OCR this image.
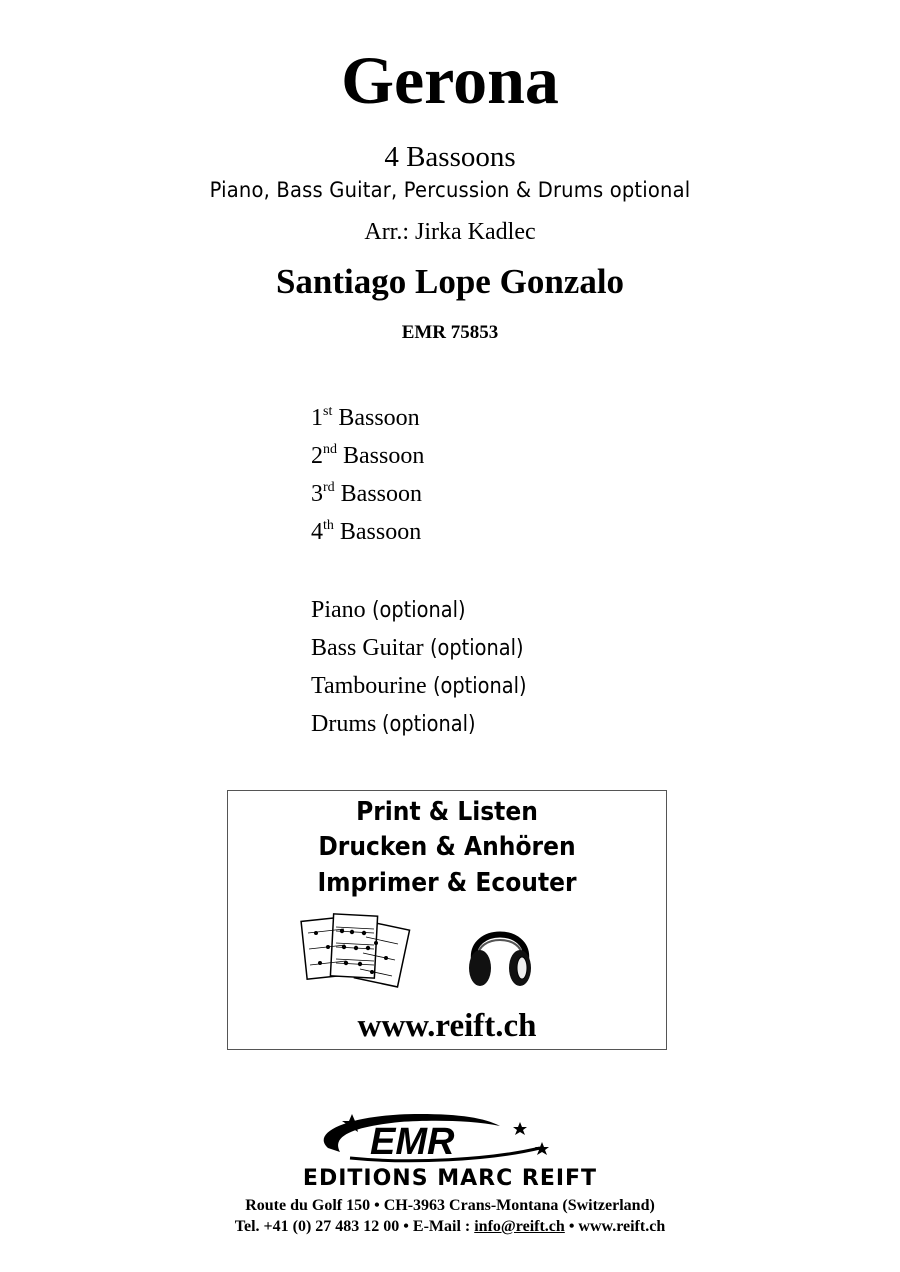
Gerona
4 Bassoons
Piano, Bass Guitar, Percussion & Drums optional
Arr.: Jirka Kadlec
Santiago Lope Gonzalo
EMR 75853
1st Bassoon
2nd Bassoon
3rd Bassoon
4th Bassoon
Piano (optional)
Bass Guitar (optional)
Tambourine (optional)
Drums (optional)
Print & Listen
Drucken & Anhören
Imprimer & Ecouter
www.reift.ch
EMR
EDITIONS MARC REIFT
Route du Golf 150 • CH-3963 Crans-Montana (Switzerland)
Tel. +41 (0) 27 483 12 00 • E-Mail : info@reift.ch • www.reift.ch
